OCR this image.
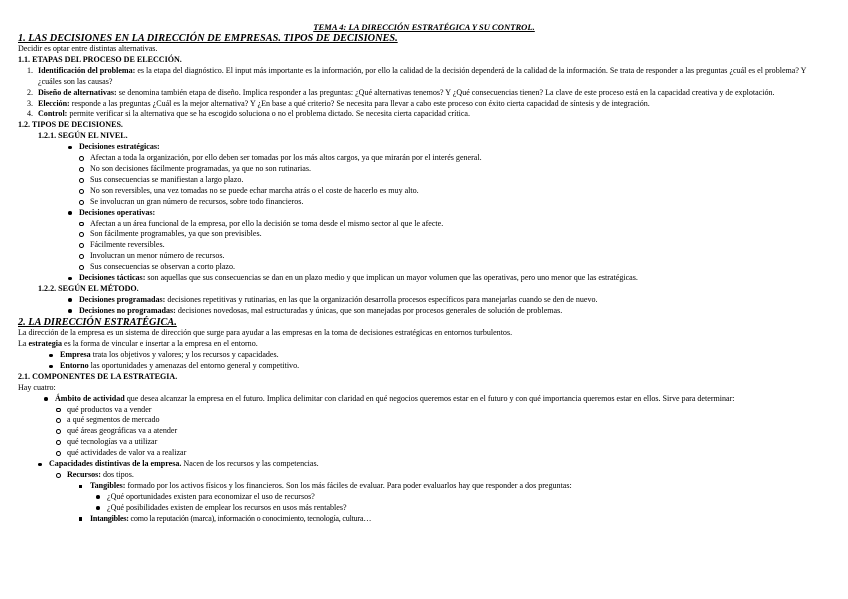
TEMA 4: LA DIRECCIÓN ESTRATÉGICA Y SU CONTROL.
1. LAS DECISIONES EN LA DIRECCIÓN DE EMPRESAS. TIPOS DE DECISIONES.
Decidir es optar entre distintas alternativas.
1.1. ETAPAS DEL PROCESO DE ELECCIÓN.
1. Identificación del problema: es la etapa del diagnóstico. El input más importante es la información, por ello la calidad de la decisión dependerá de la calidad de la información. Se trata de responder a las preguntas ¿cuál es el problema? Y ¿cuáles son las causas?
2. Diseño de alternativas: se denomina también etapa de diseño. Implica responder a las preguntas: ¿Qué alternativas tenemos? Y ¿Qué consecuencias tienen? La clave de este proceso está en la capacidad creativa y de explotación.
3. Elección: responde a las preguntas ¿Cuál es la mejor alternativa? Y ¿En base a qué criterio? Se necesita para llevar a cabo este proceso con éxito cierta capacidad de síntesis y de integración.
4. Control: permite verificar si la alternativa que se ha escogido soluciona o no el problema dictado. Se necesita cierta capacidad crítica.
1.2. TIPOS DE DECISIONES.
1.2.1. SEGÚN EL NIVEL.
Decisiones estratégicas:
Afectan a toda la organización, por ello deben ser tomadas por los más altos cargos, ya que mirarán por el interés general.
No son decisiones fácilmente programadas, ya que no son rutinarias.
Sus consecuencias se manifiestan a largo plazo.
No son reversibles, una vez tomadas no se puede echar marcha atrás o el coste de hacerlo es muy alto.
Se involucran un gran número de recursos, sobre todo financieros.
Decisiones operativas:
Afectan a un área funcional de la empresa, por ello la decisión se toma desde el mismo sector al que le afecte.
Son fácilmente programables, ya que son previsibles.
Fácilmente reversibles.
Involucran un menor número de recursos.
Sus consecuencias se observan a corto plazo.
Decisiones tácticas: son aquellas que sus consecuencias se dan en un plazo medio y que implican un mayor volumen que las operativas, pero uno menor que las estratégicas.
1.2.2. SEGÚN EL MÉTODO.
Decisiones programadas: decisiones repetitivas y rutinarias, en las que la organización desarrolla procesos específicos para manejarlas cuando se den de nuevo.
Decisiones no programadas: decisiones novedosas, mal estructuradas y únicas, que son manejadas por procesos generales de solución de problemas.
2. LA DIRECCIÓN ESTRATÉGICA.
La dirección de la empresa es un sistema de dirección que surge para ayudar a las empresas en la toma de decisiones estratégicas en entornos turbulentos.
La estrategia es la forma de vincular e insertar a la empresa en el entorno.
Empresa trata los objetivos y valores; y los recursos y capacidades.
Entorno las oportunidades y amenazas del entorno general y competitivo.
2.1. COMPONENTES DE LA ESTRATEGIA.
Hay cuatro:
Ámbito de actividad que desea alcanzar la empresa en el futuro. Implica delimitar con claridad en qué negocios queremos estar en el futuro y con qué importancia queremos estar en ellos. Sirve para determinar:
qué productos va a vender
a qué segmentos de mercado
qué áreas geográficas va a atender
qué tecnologías va a utilizar
qué actividades de valor va a realizar
Capacidades distintivas de la empresa. Nacen de los recursos y las competencias.
Recursos: dos tipos.
Tangibles: formado por los activos físicos y los financieros. Son los más fáciles de evaluar. Para poder evaluarlos hay que responder a dos preguntas:
¿Qué oportunidades existen para economizar el uso de recursos?
¿Qué posibilidades existen de emplear los recursos en usos más rentables?
Intangibles: como la reputación (marca), información o conocimiento, tecnología, cultura…
